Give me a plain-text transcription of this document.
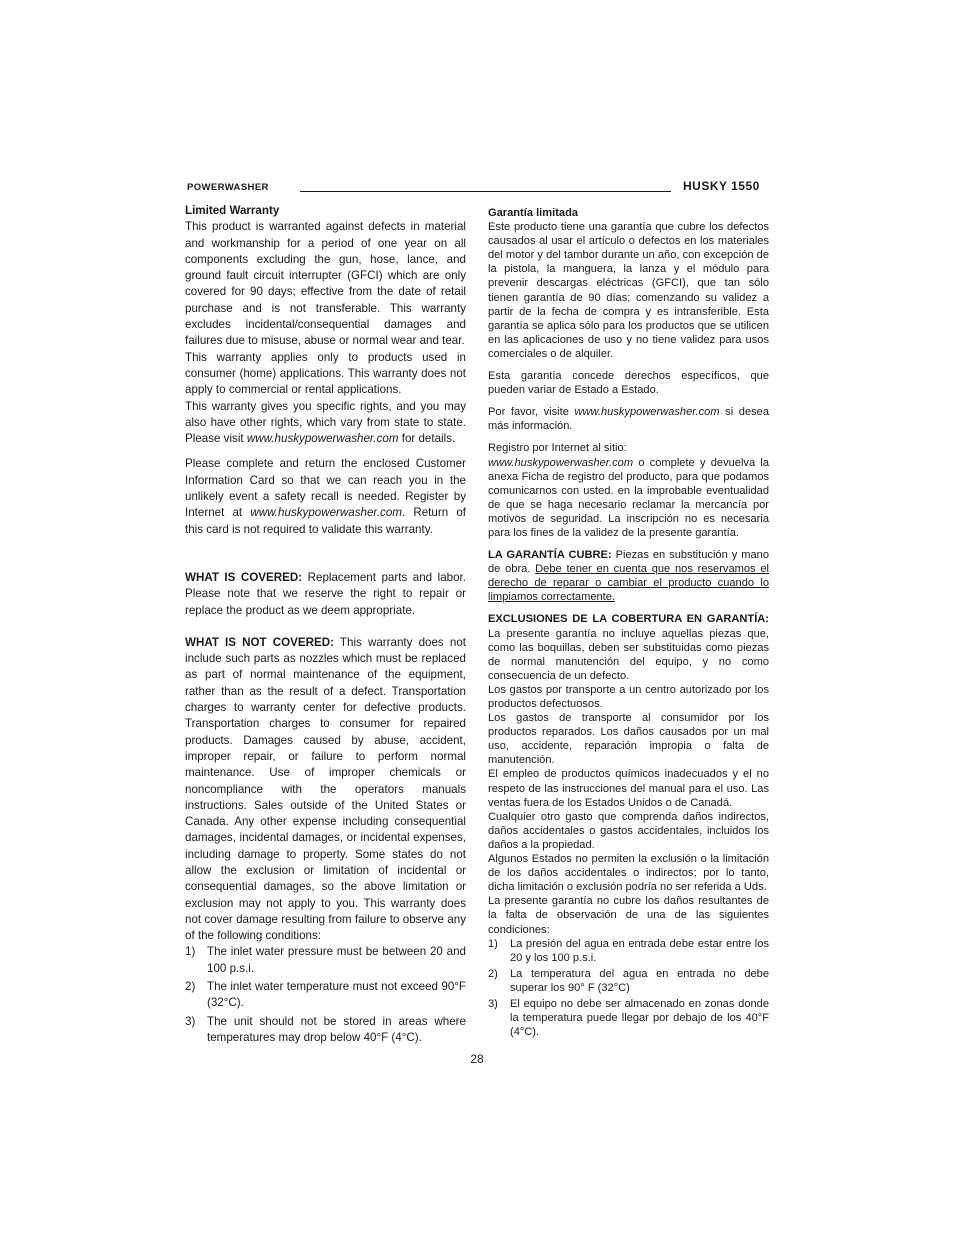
POWERWASHER	HUSKY 1550

Limited Warranty

This product is warranted against defects in material and workmanship for a period of one year on all components excluding the gun, hose, lance, and ground fault circuit interrupter (GFCI) which are only covered for 90 days; effective from the date of retail purchase and is not transferable. This warranty excludes incidental/consequential damages and failures due to misuse, abuse or normal wear and tear.

This warranty applies only to products used in consumer (home) applications. This warranty does not apply to commercial or rental applications.

This warranty gives you specific rights, and you may also have other rights, which vary from state to state. Please visit www.huskypowerwasher.com for details.

Please complete and return the enclosed Customer Information Card so that we can reach you in the unlikely event a safety recall is needed. Register by Internet at www.huskypowerwasher.com. Return of this card is not required to validate this warranty.

WHAT IS COVERED: Replacement parts and labor. Please note that we reserve the right to repair or replace the product as we deem appropriate.

WHAT IS NOT COVERED: This warranty does not include such parts as nozzles which must be replaced as part of normal maintenance of the equipment, rather than as the result of a defect. Transportation charges to warranty center for defective products. Transportation charges to consumer for repaired products. Damages caused by abuse, accident, improper repair, or failure to perform normal maintenance. Use of improper chemicals or noncompliance with the operators manuals instructions. Sales outside of the United States or Canada. Any other expense including consequential damages, incidental damages, or incidental expenses, including damage to property. Some states do not allow the exclusion or limitation of incidental or consequential damages, so the above limitation or exclusion may not apply to you. This warranty does not cover damage resulting from failure to observe any of the following conditions:

1) The inlet water pressure must be between 20 and 100 p.s.i.
2) The inlet water temperature must not exceed 90°F (32°C).
3) The unit should not be stored in areas where temperatures may drop below 40°F (4°C).

Garantía limitada

Este producto tiene una garantía que cubre los defectos causados al usar el artículo o defectos en los materiales del motor y del tambor durante un año, con excepción de la pistola, la manguera, la lanza y el módulo para prevenir descargas eléctricas (GFCI), que tan sólo tienen garantía de 90 días; comenzando su validez a partir de la fecha de compra y es intransferible. Esta garantía se aplica sólo para los productos que se utilicen en las aplicaciones de uso y no tiene validez para usos comerciales o de alquiler.

Esta garantía concede derechos específicos, que pueden variar de Estado a Estado.

Por favor, visite www.huskypowerwasher.com si desea más información.

Registro por Internet al sitio:

www.huskypowerwasher.com o complete y devuelva la anexa Ficha de registro del producto, para que podamos comunicarnos con usted. en la improbable eventualidad de que se haga necesario reclamar la mercancía por motivos de seguridad. La inscripción no es necesaria para los fines de la validez de la presente garantía.

LA GARANTÍA CUBRE: Piezas en substitución y mano de obra. Debe tener en cuenta que nos reservamos el derecho de reparar o cambiar el producto cuando lo limpiamos correctamente.

EXCLUSIONES DE LA COBERTURA EN GARANTÍA: La presente garantía no incluye aquellas piezas que, como las boquillas, deben ser substituidas como piezas de normal manutención del equipo, y no como consecuencia de un defecto.

Los gastos por transporte a un centro autorizado por los productos defectuosos.

Los gastos de transporte al consumidor por los productos reparados. Los daños causados por un mal uso, accidente, reparación impropia o falta de manutención.

El empleo de productos químicos inadecuados y el no respeto de las instrucciones del manual para el uso. Las ventas fuera de los Estados Unidos o de Canadá.

Cualquier otro gasto que comprenda daños indirectos, daños accidentales o gastos accidentales, incluidos los daños a la propiedad.

Algunos Estados no permiten la exclusión o la limitación de los daños accidentales o indirectos; por lo tanto, dicha limitación o exclusión podría no ser referida a Uds.

La presente garantía no cubre los daños resultantes de la falta de observación de una de las siguientes condiciones:

1) La presión del agua en entrada debe estar entre los 20 y los 100 p.s.i.
2) La temperatura del agua en entrada no debe superar los 90° F (32°C)
3) El equipo no debe ser almacenado en zonas donde la temperatura puede llegar por debajo de los 40°F (4°C).
28
